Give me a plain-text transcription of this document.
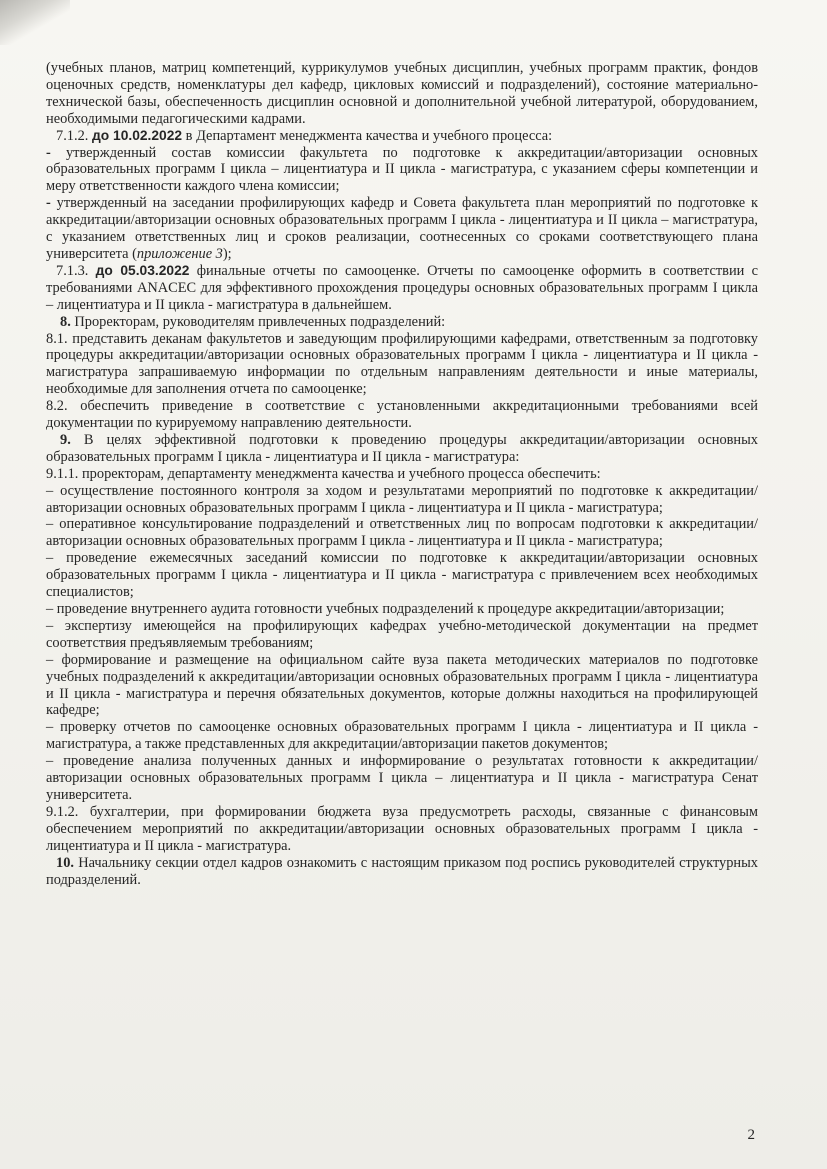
(учебных планов, матриц компетенций, куррикулумов учебных дисциплин, учебных программ практик, фондов оценочных средств, номенклатуры дел кафедр, цикловых комиссий и подразделений), состояние материально-технической базы, обеспеченность дисциплин основной и дополнительной учебной литературой, оборудованием, необходимыми педагогическими кадрами.

7.1.2. до 10.02.2022 в Департамент менеджмента качества и учебного процесса:

- утвержденный состав комиссии факультета по подготовке к аккредитации/авторизации основных образовательных программ I цикла – лицентиатура и II цикла - магистратура, с указанием сферы компетенции и меру ответственности каждого члена комиссии;

- утвержденный на заседании профилирующих кафедр и Совета факультета план мероприятий по подготовке к аккредитации/авторизации основных образовательных программ I цикла - лицентиатура и II цикла – магистратура, с указанием ответственных лиц и сроков реализации, соотнесенных со сроками соответствующего плана университета (приложение 3);

7.1.3. до 05.03.2022 финальные отчеты по самооценке. Отчеты по самооценке оформить в соответствии с требованиями ANACEC для эффективного прохождения процедуры основных образовательных программ I цикла – лицентиатура и II цикла - магистратура в дальнейшем.

8. Проректорам, руководителям привлеченных подразделений:

8.1. представить деканам факультетов и заведующим профилирующими кафедрами, ответственным за подготовку процедуры аккредитации/авторизации основных образовательных программ I цикла - лицентиатура и II цикла - магистратура запрашиваемую информации по отдельным направлениям деятельности и иные материалы, необходимые для заполнения отчета по самооценке;

8.2. обеспечить приведение в соответствие с установленными аккредитационными требованиями всей документации по курируемому направлению деятельности.

9. В целях эффективной подготовки к проведению процедуры аккредитации/авторизации основных образовательных программ I цикла - лицентиатура и II цикла - магистратура:

9.1.1. проректорам, департаменту менеджмента качества и учебного процесса обеспечить:

– осуществление постоянного контроля за ходом и результатами мероприятий по подготовке к аккредитации/авторизации основных образовательных программ I цикла - лицентиатура и II цикла - магистратура;

– оперативное консультирование подразделений и ответственных лиц по вопросам подготовки к аккредитации/авторизации основных образовательных программ I цикла - лицентиатура и II цикла - магистратура;

– проведение ежемесячных заседаний комиссии по подготовке к аккредитации/авторизации основных образовательных программ I цикла - лицентиатура и II цикла - магистратура с привлечением всех необходимых специалистов;

– проведение внутреннего аудита готовности учебных подразделений к процедуре аккредитации/авторизации;

– экспертизу имеющейся на профилирующих кафедрах учебно-методической документации на предмет соответствия предъявляемым требованиям;

– формирование и размещение на официальном сайте вуза пакета методических материалов по подготовке учебных подразделений к аккредитации/авторизации основных образовательных программ I цикла - лицентиатура и II цикла - магистратура и перечня обязательных документов, которые должны находиться на профилирующей кафедре;

– проверку отчетов по самооценке основных образовательных программ I цикла - лицентиатура и II цикла - магистратура, а также представленных для аккредитации/авторизации пакетов документов;

– проведение анализа полученных данных и информирование о результатах готовности к аккредитации/авторизации основных образовательных программ I цикла – лицентиатура и II цикла - магистратура Сенат университета.

9.1.2. бухгалтерии, при формировании бюджета вуза предусмотреть расходы, связанные с финансовым обеспечением мероприятий по аккредитации/авторизации основных образовательных программ I цикла - лицентиатура и II цикла - магистратура.

10. Начальнику секции отдел кадров ознакомить с настоящим приказом под роспись руководителей структурных подразделений.

2
